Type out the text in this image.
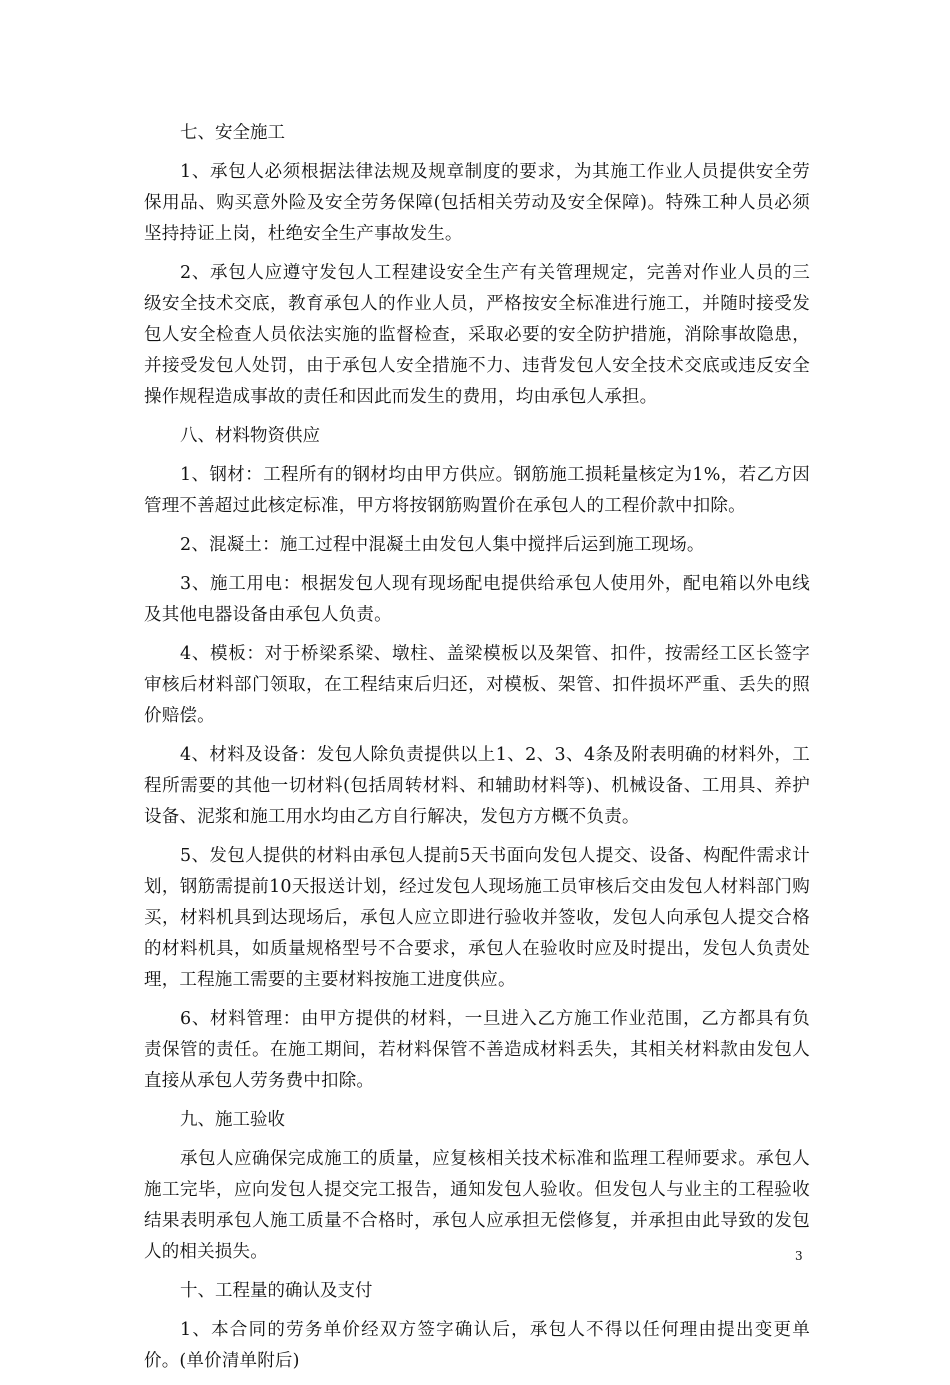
七、安全施工

1、承包人必须根据法律法规及规章制度的要求，为其施工作业人员提供安全劳保用品、购买意外险及安全劳务保障(包括相关劳动及安全保障)。特殊工种人员必须坚持持证上岗，杜绝安全生产事故发生。

2、承包人应遵守发包人工程建设安全生产有关管理规定，完善对作业人员的三级安全技术交底，教育承包人的作业人员，严格按安全标准进行施工，并随时接受发包人安全检查人员依法实施的监督检查，采取必要的安全防护措施，消除事故隐患，并接受发包人处罚，由于承包人安全措施不力、违背发包人安全技术交底或违反安全操作规程造成事故的责任和因此而发生的费用，均由承包人承担。

八、材料物资供应

1、钢材：工程所有的钢材均由甲方供应。钢筋施工损耗量核定为1%，若乙方因管理不善超过此核定标准，甲方将按钢筋购置价在承包人的工程价款中扣除。

2、混凝土：施工过程中混凝土由发包人集中搅拌后运到施工现场。

3、施工用电：根据发包人现有现场配电提供给承包人使用外，配电箱以外电线及其他电器设备由承包人负责。

4、模板：对于桥梁系梁、墩柱、盖梁模板以及架管、扣件，按需经工区长签字审核后材料部门领取，在工程结束后归还，对模板、架管、扣件损坏严重、丢失的照价赔偿。

4、材料及设备：发包人除负责提供以上1、2、3、4条及附表明确的材料外，工程所需要的其他一切材料(包括周转材料、和辅助材料等)、机械设备、工用具、养护设备、泥浆和施工用水均由乙方自行解决，发包方方概不负责。

5、发包人提供的材料由承包人提前5天书面向发包人提交、设备、构配件需求计划，钢筋需提前10天报送计划，经过发包人现场施工员审核后交由发包人材料部门购买，材料机具到达现场后，承包人应立即进行验收并签收，发包人向承包人提交合格的材料机具，如质量规格型号不合要求，承包人在验收时应及时提出，发包人负责处理，工程施工需要的主要材料按施工进度供应。

6、材料管理：由甲方提供的材料，一旦进入乙方施工作业范围，乙方都具有负责保管的责任。在施工期间，若材料保管不善造成材料丢失，其相关材料款由发包人直接从承包人劳务费中扣除。

九、施工验收

承包人应确保完成施工的质量，应复核相关技术标准和监理工程师要求。承包人施工完毕，应向发包人提交完工报告，通知发包人验收。但发包人与业主的工程验收结果表明承包人施工质量不合格时，承包人应承担无偿修复，并承担由此导致的发包人的相关损失。

十、工程量的确认及支付

1、本合同的劳务单价经双方签字确认后，承包人不得以任何理由提出变更单价。(单价清单附后)

3
